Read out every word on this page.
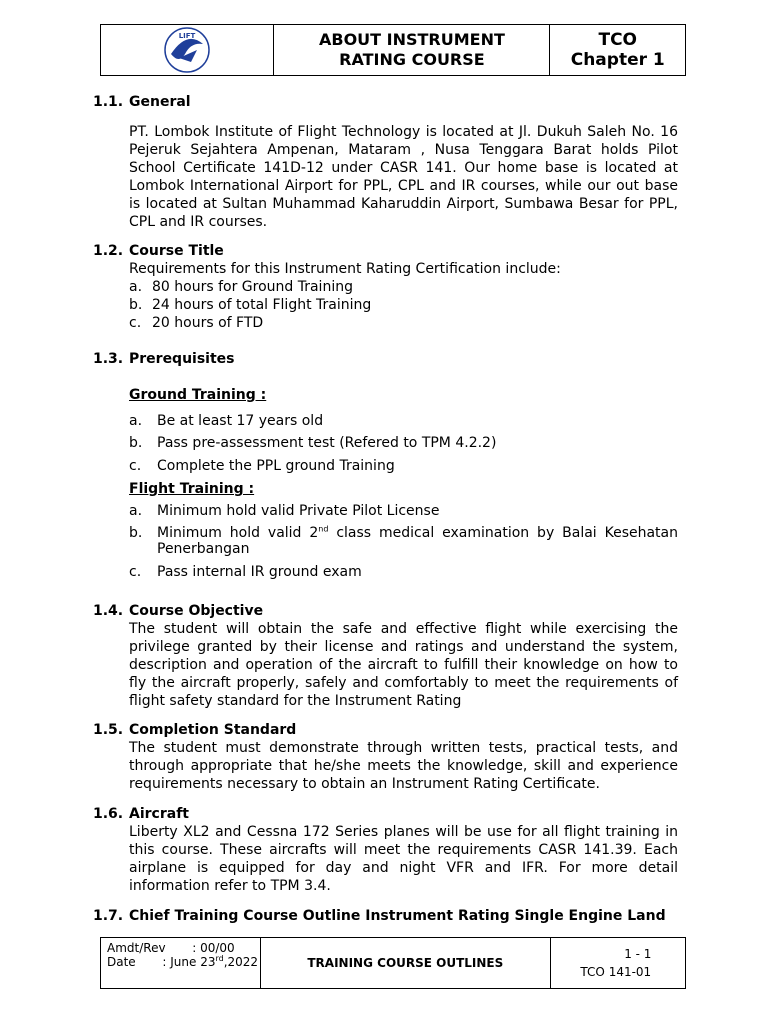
LIFT	ABOUT INSTRUMENT
RATING COURSE
TCO
Chapter 1
1.1. General
PT. Lombok Institute of Flight Technology is located at Jl. Dukuh Saleh No. 16 Pejeruk Sejahtera Ampenan, Mataram , Nusa Tenggara Barat holds Pilot School Certificate 141D-12 under CASR 141. Our home base is located at Lombok International Airport for PPL, CPL and IR courses, while our out base is located at Sultan Muhammad Kaharuddin Airport, Sumbawa Besar for PPL, CPL and IR courses.
1.2. Course Title
Requirements for this Instrument Rating Certification include:
a. 80 hours for Ground Training
b. 24 hours of total Flight Training
c. 20 hours of FTD
1.3. Prerequisites
Ground Training :
a.	Be at least 17 years old
b.	Pass pre-assessment test (Refered to TPM 4.2.2)
c.	Complete the PPL ground Training
Flight Training :
a.	Minimum hold valid Private Pilot License
b.	Minimum hold valid 2nd class medical examination by Balai Kesehatan Penerbangan
c.	Pass internal IR ground exam
1.4. Course Objective
The student will obtain the safe and effective flight while exercising the privilege granted by their license and ratings and understand the system, description and operation of the aircraft to fulfill their knowledge on how to fly the aircraft properly, safely and comfortably to meet the requirements of flight safety standard for the Instrument Rating
1.5. Completion Standard
The student must demonstrate through written tests, practical tests, and through appropriate that he/she meets the knowledge, skill and experience requirements necessary to obtain an Instrument Rating Certificate.
1.6. Aircraft
Liberty XL2 and Cessna 172 Series planes will be use for all flight training in this course. These aircrafts will meet the requirements CASR 141.39. Each airplane is equipped for day and night VFR and IFR. For more detail information refer to TPM 3.4.
1.7. Chief Training Course Outline Instrument Rating Single Engine Land
Amdt/Rev       : 00/00
Date       : June 23rd,2022	TRAINING COURSE OUTLINES
1 - 1
TCO 141-01
